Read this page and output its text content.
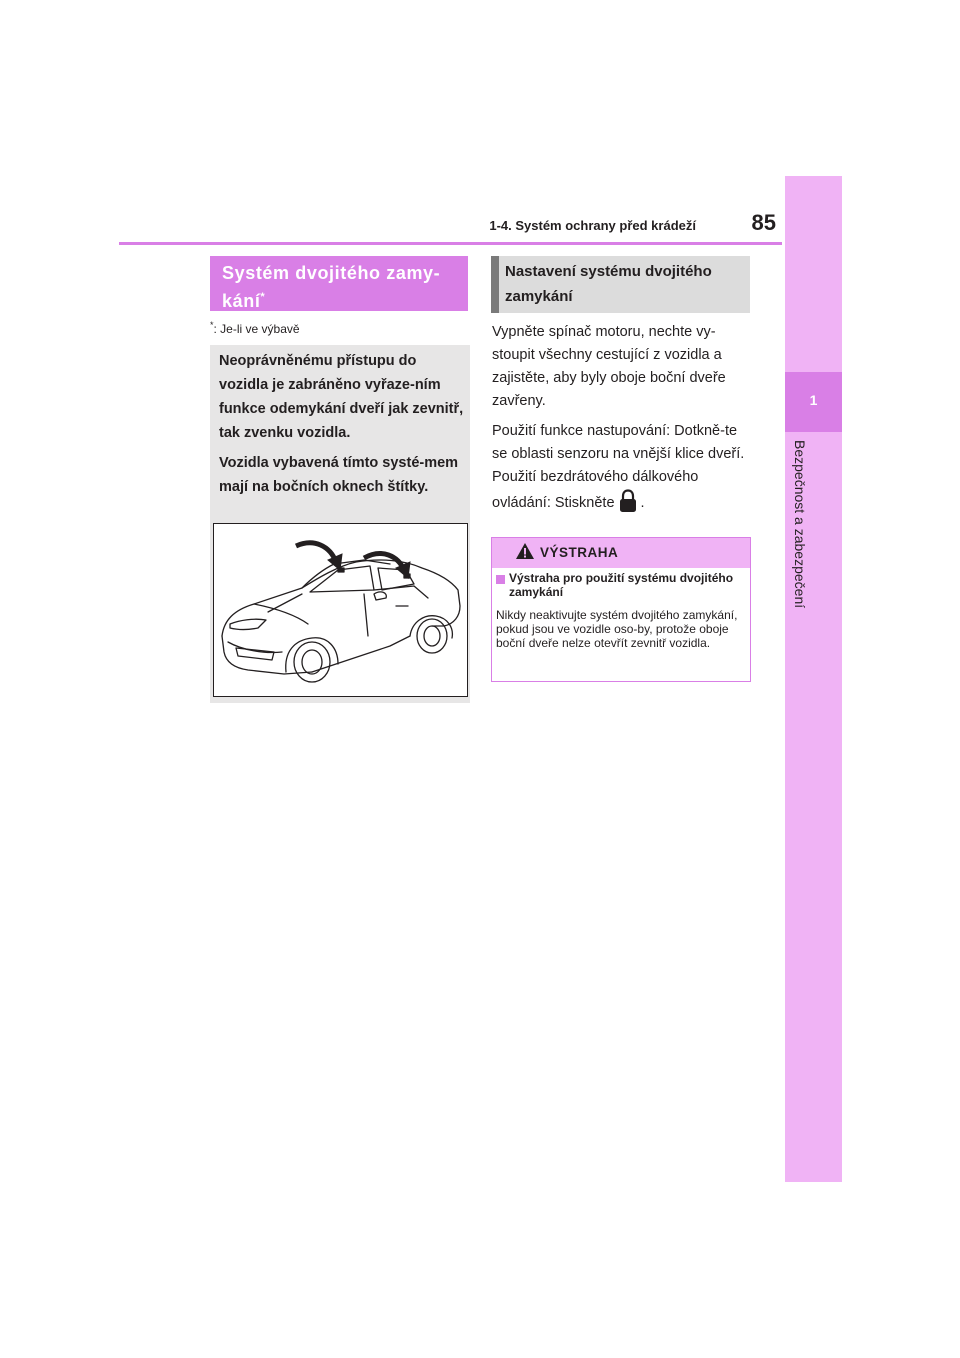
1
Bezpečnost a zabezpečení
1-4. Systém ochrany před krádeží	85
Systém dvojitého zamy-kání*
*: Je-li ve výbavě

Neoprávněnému přístupu do vozidla je zabráněno vyřaze-ním funkce odemykání dveří jak zevnitř, tak zvenku vozidla.

Vozidla vybavená tímto systé-mem mají na bočních oknech štítky.

Nastavení systému dvojitého zamykání

Vypněte spínač motoru, nechte vy-stoupit všechny cestující z vozidla a zajistěte, aby byly oboje boční dveře zavřeny.

Použití funkce nastupování: Dotkně-te se oblasti senzoru na vnější klice dveří.

Použití bezdrátového dálkového ovládání: Stiskněte .

VÝSTRAHA
Výstraha pro použití systému dvojitého zamykání
Nikdy neaktivujte systém dvojitého zamykání, pokud jsou ve vozidle oso-by, protože oboje boční dveře nelze otevřít zevnitř vozidla.
